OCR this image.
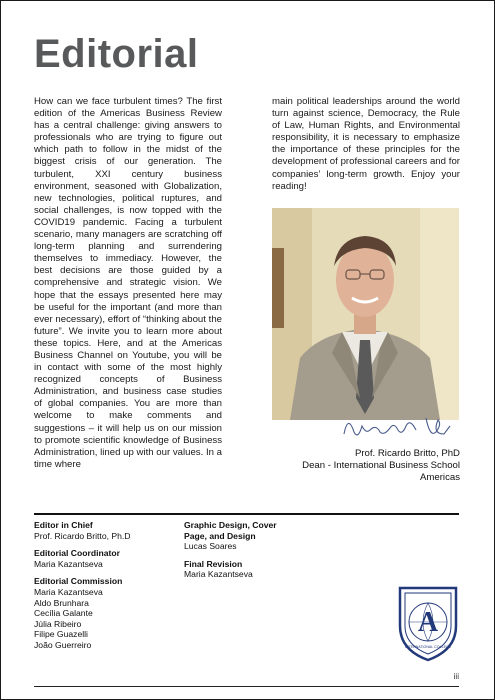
Editorial
How can we face turbulent times? The first edition of the Americas Business Review has a central challenge: giving answers to professionals who are trying to figure out which path to follow in the midst of the biggest crisis of our generation. The turbulent, XXI century business environment, seasoned with Globalization, new technologies, political ruptures, and social challenges, is now topped with the COVID19 pandemic. Facing a turbulent scenario, many managers are scratching off long-term planning and surrendering themselves to immediacy. However, the best decisions are those guided by a comprehensive and strategic vision. We hope that the essays presented here may be useful for the important (and more than ever necessary), effort of “thinking about the future”. We invite you to learn more about these topics. Here, and at the Americas Business Channel on Youtube, you will be in contact with some of the most highly recognized concepts of Business Administration, and business case studies of global companies. You are more than welcome to make comments and suggestions – it will help us on our mission to promote scientific knowledge of Business Administration, lined up with our values. In a time where
main political leaderships around the world turn against science, Democracy, the Rule of Law, Human Rights, and Environmental responsibility, it is necessary to emphasize the importance of these principles for the development of professional careers and for companies’ long-term growth. Enjoy your reading!
Prof. Ricardo Britto, PhD
Dean - International Business School
Americas
Editor in Chief
Prof. Ricardo Britto, Ph.D
Editorial Coordinator
Maria Kazantseva
Editorial Commission
Maria Kazantseva
Aldo Brunhara
Cecília Galante
Júlia Ribeiro
Filipe Guazelli
João Guerreiro
Graphic Design, Cover
Page, and Design
Lucas Soares
Final Revision
Maria Kazantseva
A
INTERNATIONAL COLLEGE
iii
